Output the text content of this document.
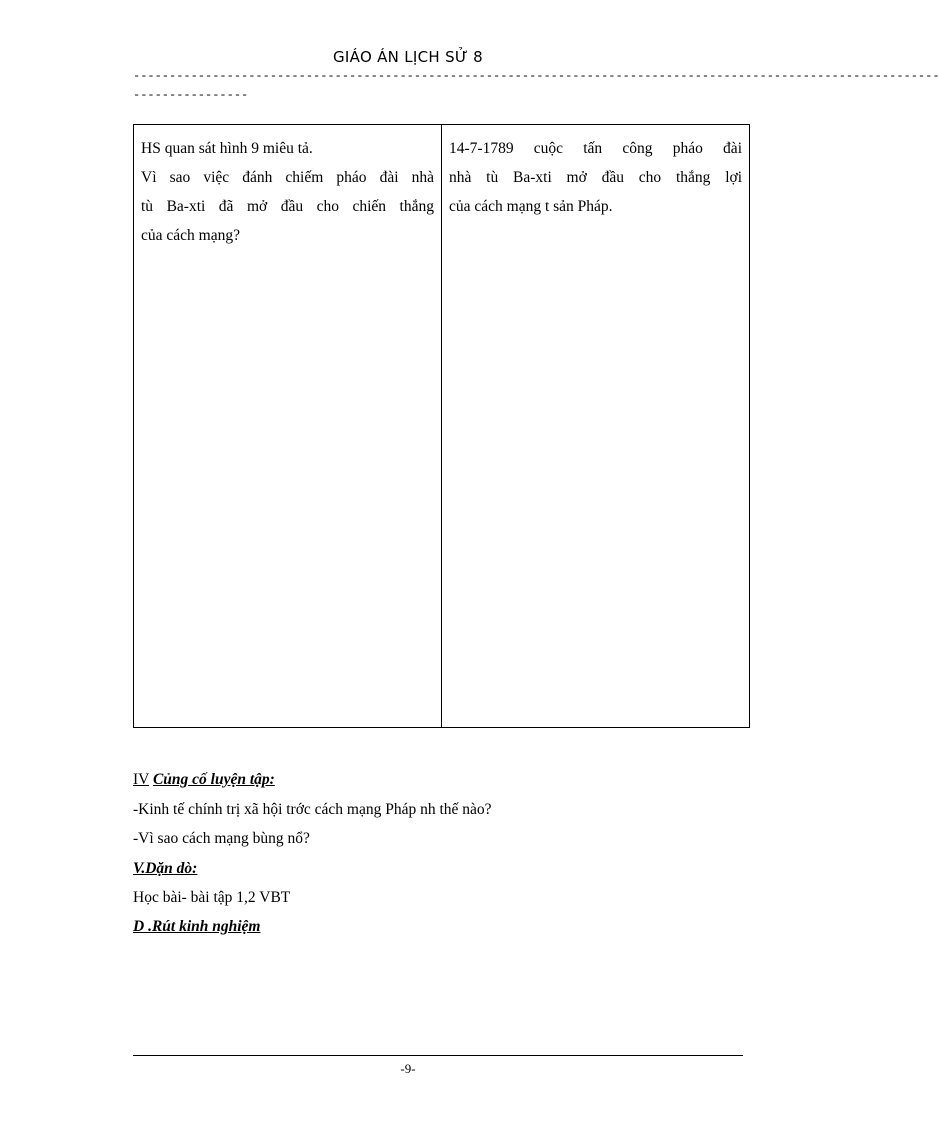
GIÁO ÁN LỊCH SỬ 8
----------------------------------------------------------------------------------------------------------------
----------------
HS quan sát hình 9 miêu tả.
Vì sao việc đánh chiếm pháo đài nhà
tù Ba-xti đã mở đầu cho chiến thắng
của cách mạng?
14-7-1789 cuộc tấn công pháo đài
nhà tù Ba-xti mở đầu cho thắng lợi
của cách mạng t sản Pháp.
IV Củng cố luyện tập:
-Kinh tế chính trị xã hội trớc cách mạng Pháp nh thế nào?
-Vì sao cách mạng bùng nổ?
V.Dặn dò:
Học bài- bài tập 1,2 VBT
D .Rút kinh nghiệm
-9-
